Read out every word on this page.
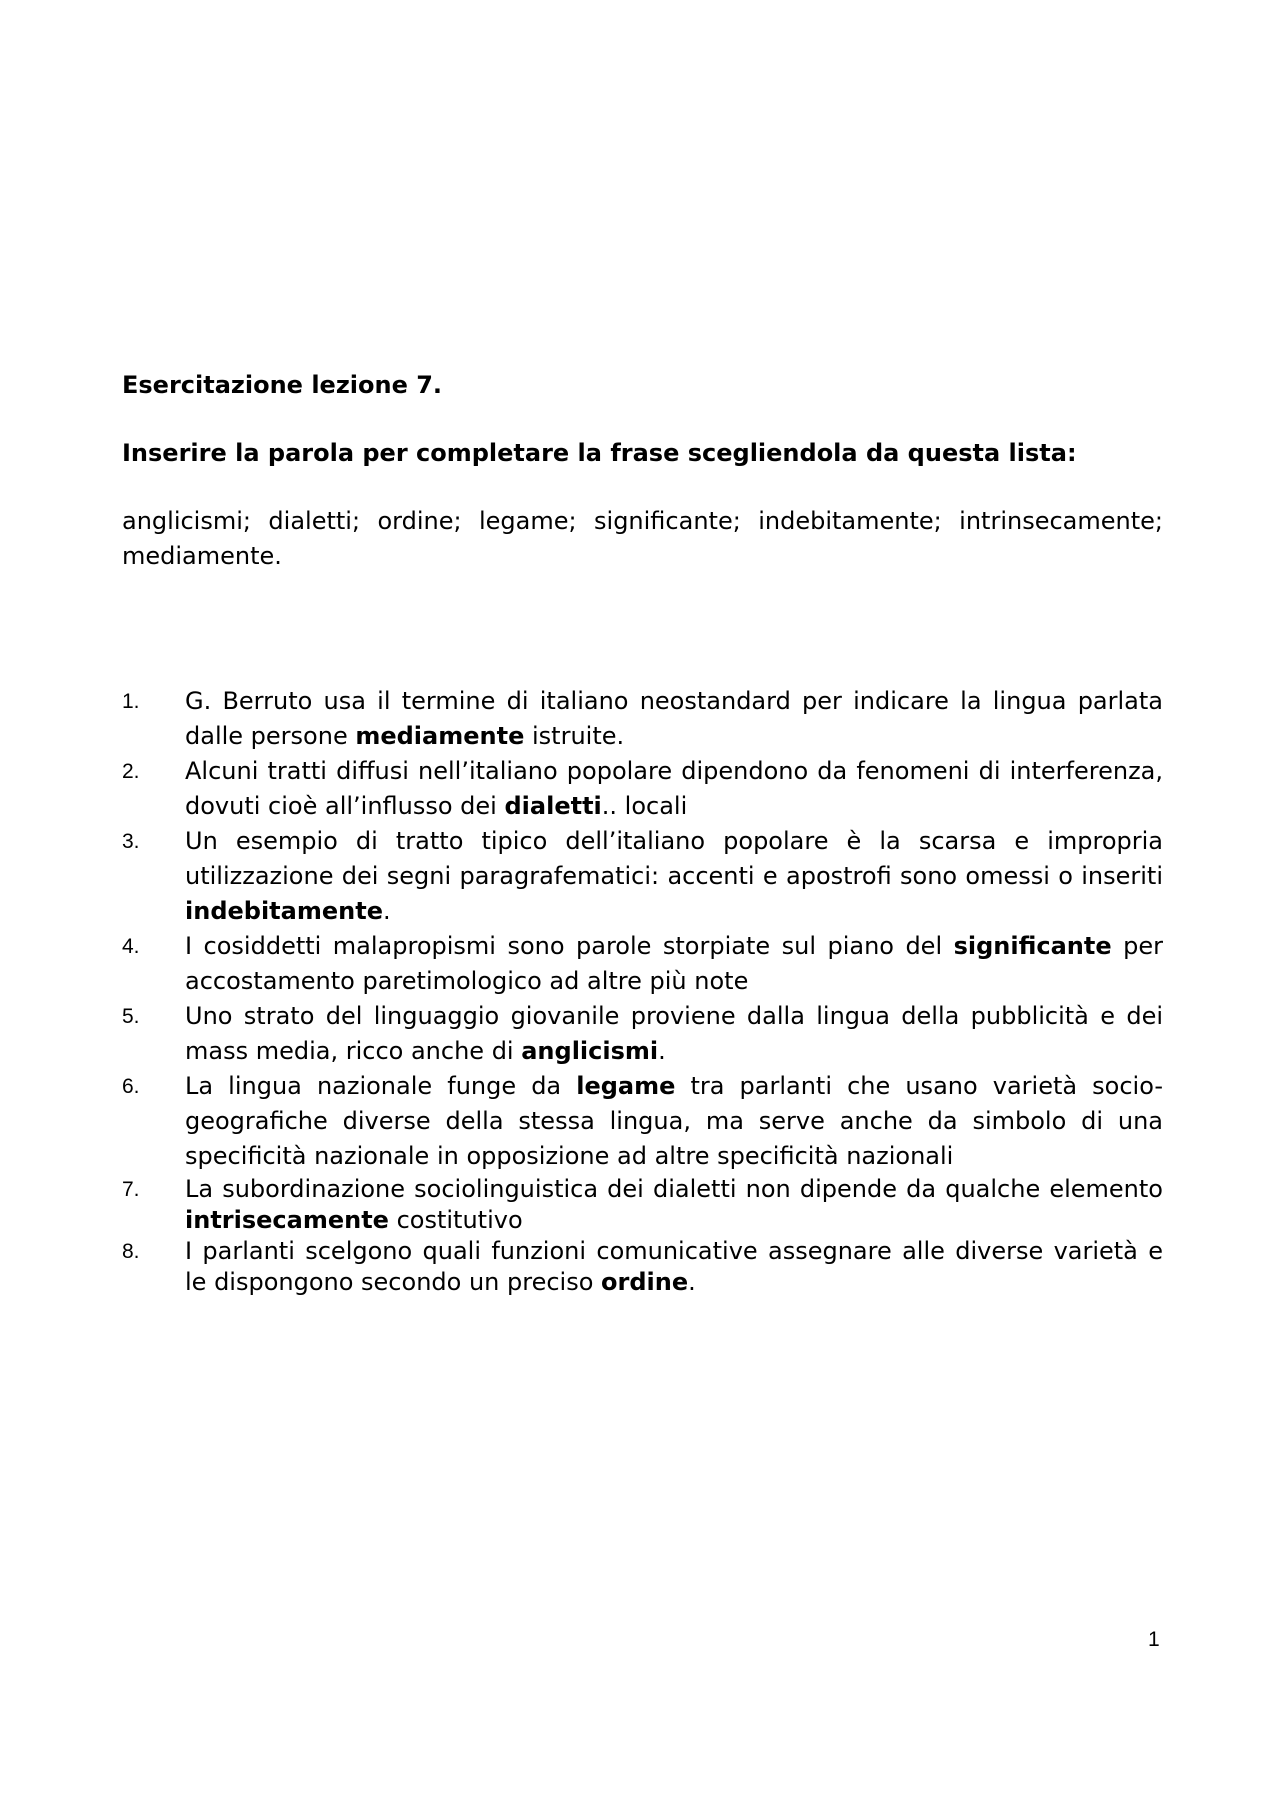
Esercitazione lezione 7.

Inserire la parola per completare la frase scegliendola da questa lista:

anglicismi; dialetti; ordine; legame; significante; indebitamente; intrinsecamente; mediamente.

1. G. Berruto usa il termine di italiano neostandard per indicare la lingua parlata dalle persone mediamente istruite.
2. Alcuni tratti diffusi nell’italiano popolare dipendono da fenomeni di interferenza, dovuti cioè all’influsso dei dialetti.. locali
3. Un esempio di tratto tipico dell’italiano popolare è la scarsa e impropria utilizzazione dei segni paragrafematici: accenti e apostrofi sono omessi o inseriti indebitamente.
4. I cosiddetti malapropismi sono parole storpiate sul piano del significante per accostamento paretimologico ad altre più note
5. Uno strato del linguaggio giovanile proviene dalla lingua della pubblicità e dei mass media, ricco anche di anglicismi.
6. La lingua nazionale funge da legame tra parlanti che usano varietà socio-geografiche diverse della stessa lingua, ma serve anche da simbolo di una specificità nazionale in opposizione ad altre specificità nazionali
7. La subordinazione sociolinguistica dei dialetti non dipende da qualche elemento intrisecamente costitutivo
8. I parlanti scelgono quali funzioni comunicative assegnare alle diverse varietà e le dispongono secondo un preciso ordine.
1
